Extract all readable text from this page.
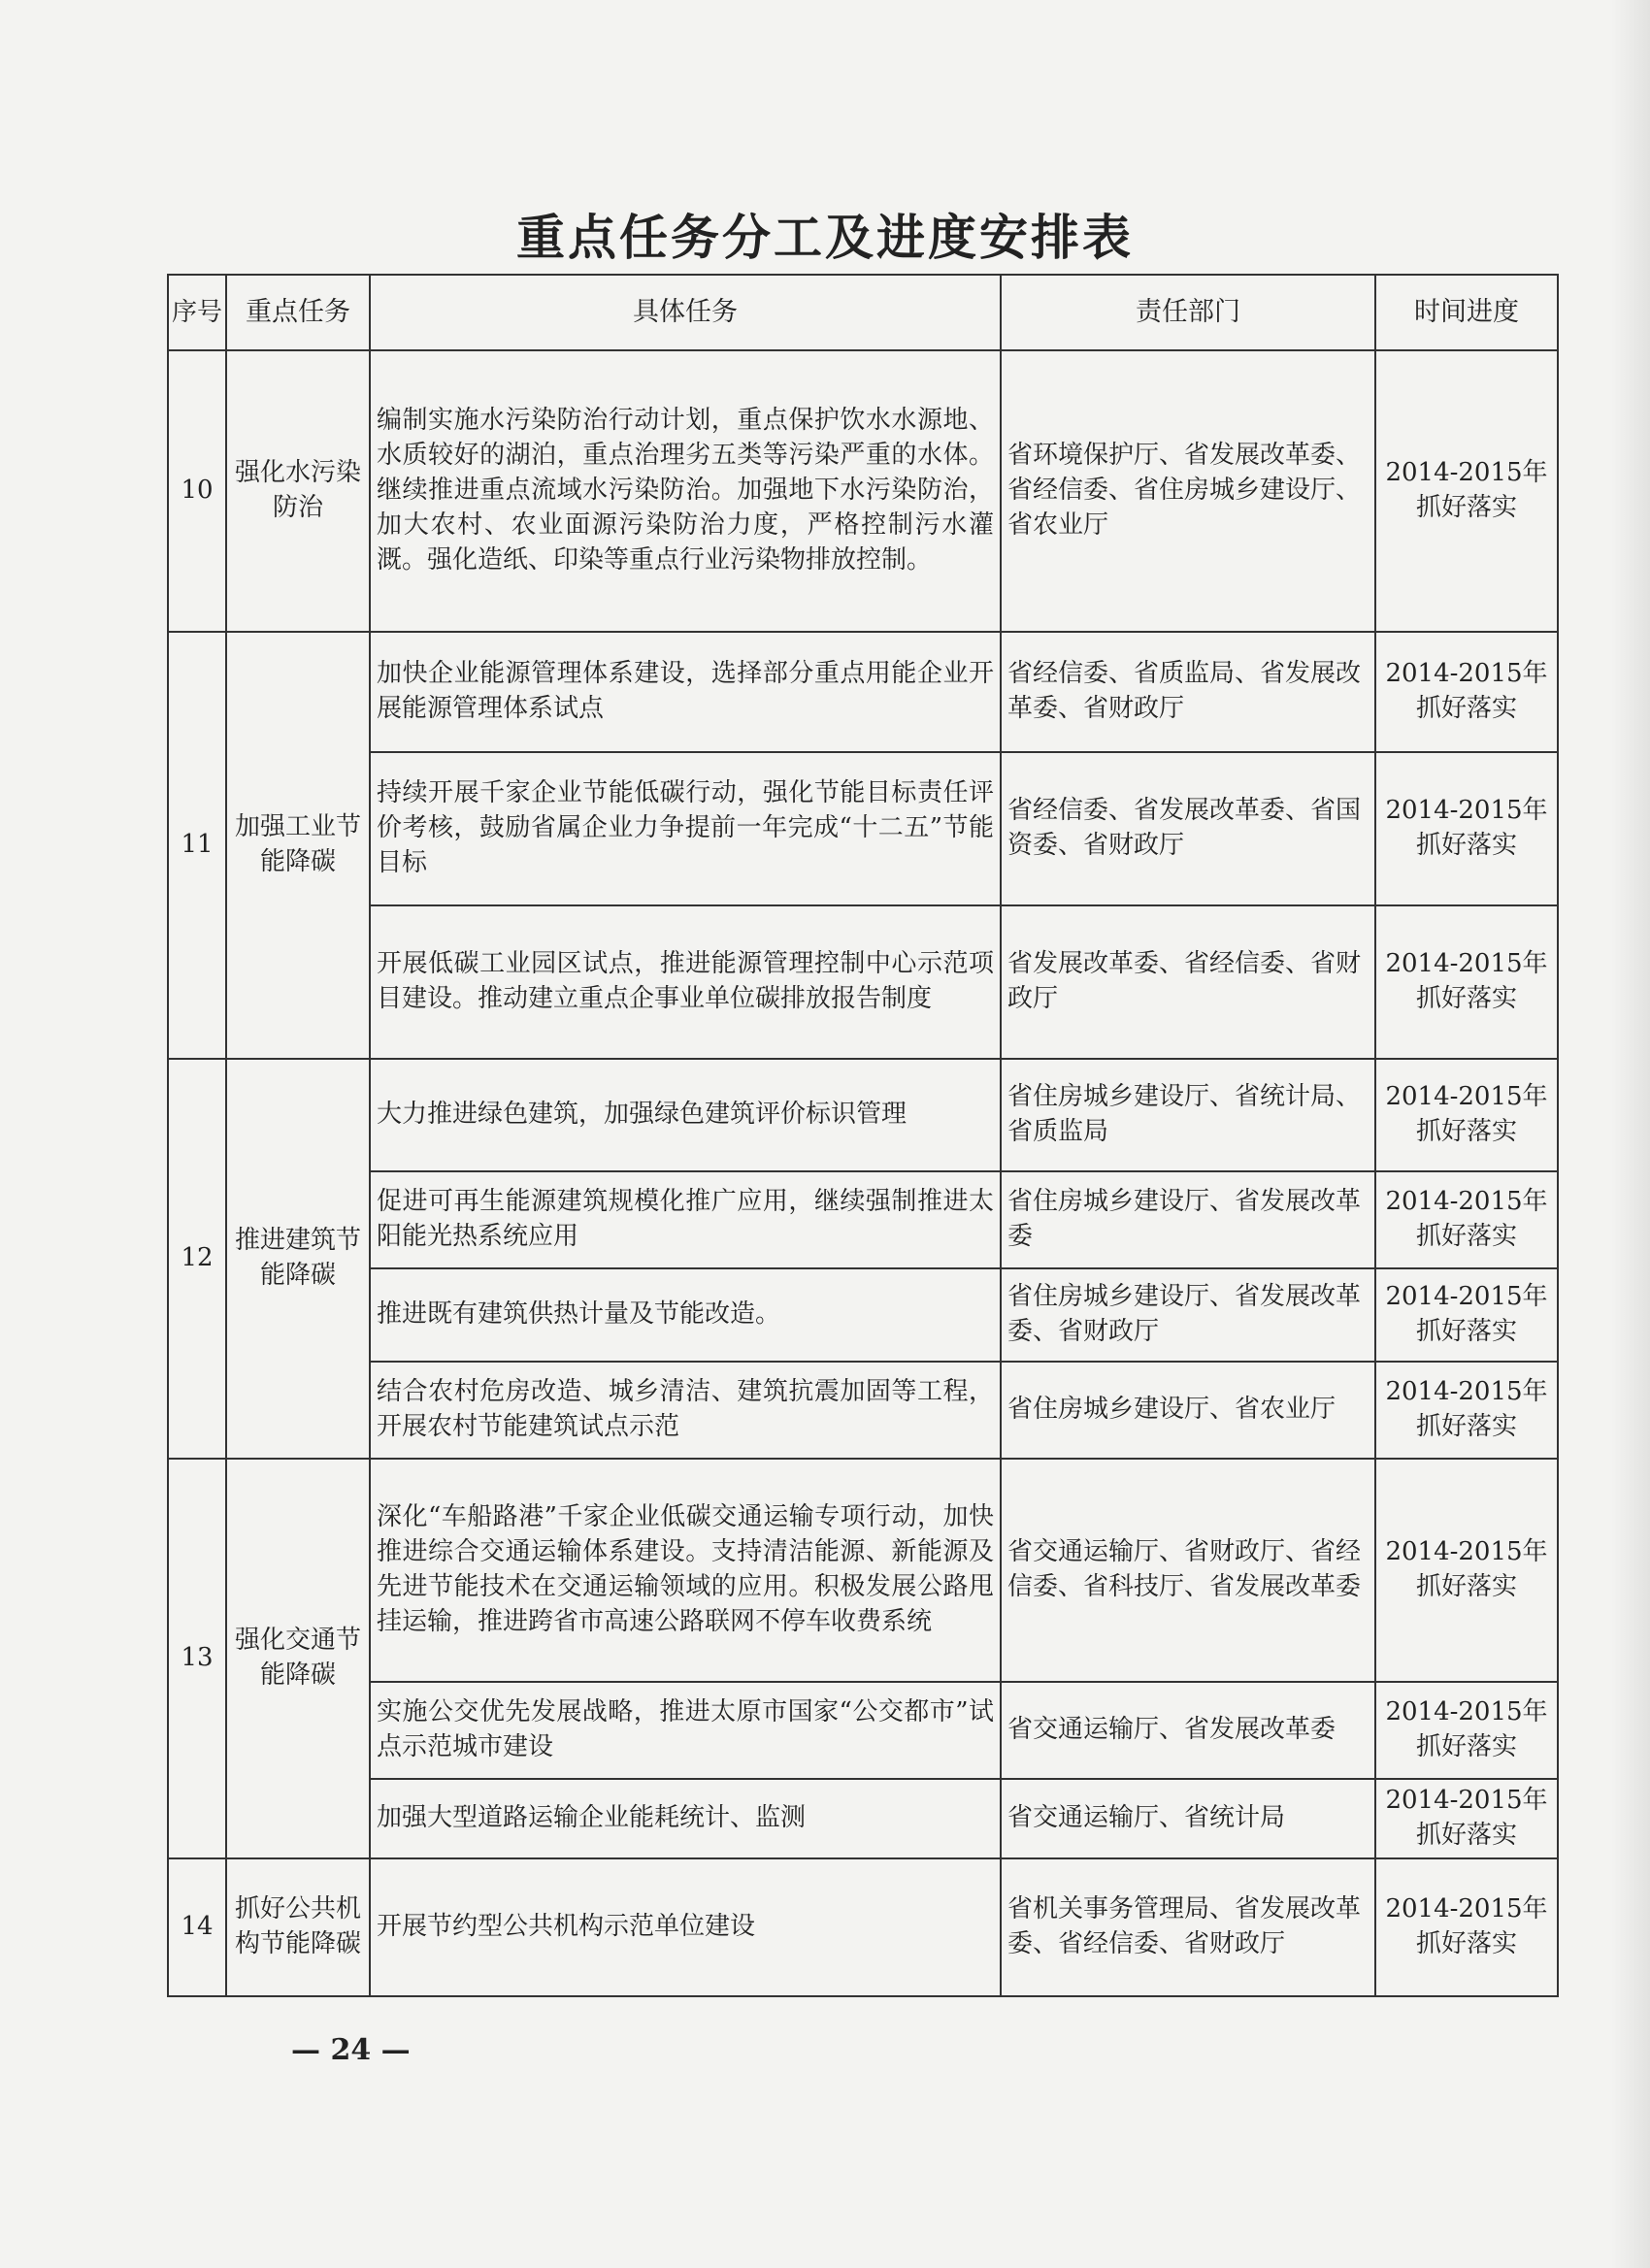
重点任务分工及进度安排表
序号	重点任务	具体任务	责任部门	时间进度
10	强化水污染防治	编制实施水污染防治行动计划，重点保护饮水水源地、水质较好的湖泊，重点治理劣五类等污染严重的水体。继续推进重点流域水污染防治。加强地下水污染防治，加大农村、农业面源污染防治力度，严格控制污水灌溉。强化造纸、印染等重点行业污染物排放控制。	省环境保护厅、省发展改革委、省经信委、省住房城乡建设厅、省农业厅	2014-2015年抓好落实
11	加强工业节能降碳	加快企业能源管理体系建设，选择部分重点用能企业开展能源管理体系试点	省经信委、省质监局、省发展改革委、省财政厅	2014-2015年抓好落实
		持续开展千家企业节能低碳行动，强化节能目标责任评价考核，鼓励省属企业力争提前一年完成“十二五”节能目标	省经信委、省发展改革委、省国资委、省财政厅	2014-2015年抓好落实
		开展低碳工业园区试点，推进能源管理控制中心示范项目建设。推动建立重点企事业单位碳排放报告制度	省发展改革委、省经信委、省财政厅	2014-2015年抓好落实
12	推进建筑节能降碳	大力推进绿色建筑，加强绿色建筑评价标识管理	省住房城乡建设厅、省统计局、省质监局	2014-2015年抓好落实
		促进可再生能源建筑规模化推广应用，继续强制推进太阳能光热系统应用	省住房城乡建设厅、省发展改革委	2014-2015年抓好落实
		推进既有建筑供热计量及节能改造。	省住房城乡建设厅、省发展改革委、省财政厅	2014-2015年抓好落实
		结合农村危房改造、城乡清洁、建筑抗震加固等工程，开展农村节能建筑试点示范	省住房城乡建设厅、省农业厅	2014-2015年抓好落实
13	强化交通节能降碳	深化“车船路港”千家企业低碳交通运输专项行动，加快推进综合交通运输体系建设。支持清洁能源、新能源及先进节能技术在交通运输领域的应用。积极发展公路甩挂运输，推进跨省市高速公路联网不停车收费系统	省交通运输厅、省财政厅、省经信委、省科技厅、省发展改革委	2014-2015年抓好落实
		实施公交优先发展战略，推进太原市国家“公交都市”试点示范城市建设	省交通运输厅、省发展改革委	2014-2015年抓好落实
		加强大型道路运输企业能耗统计、监测	省交通运输厅、省统计局	2014-2015年抓好落实
14	抓好公共机构节能降碳	开展节约型公共机构示范单位建设	省机关事务管理局、省发展改革委、省经信委、省财政厅	2014-2015年抓好落实
— 24 —
